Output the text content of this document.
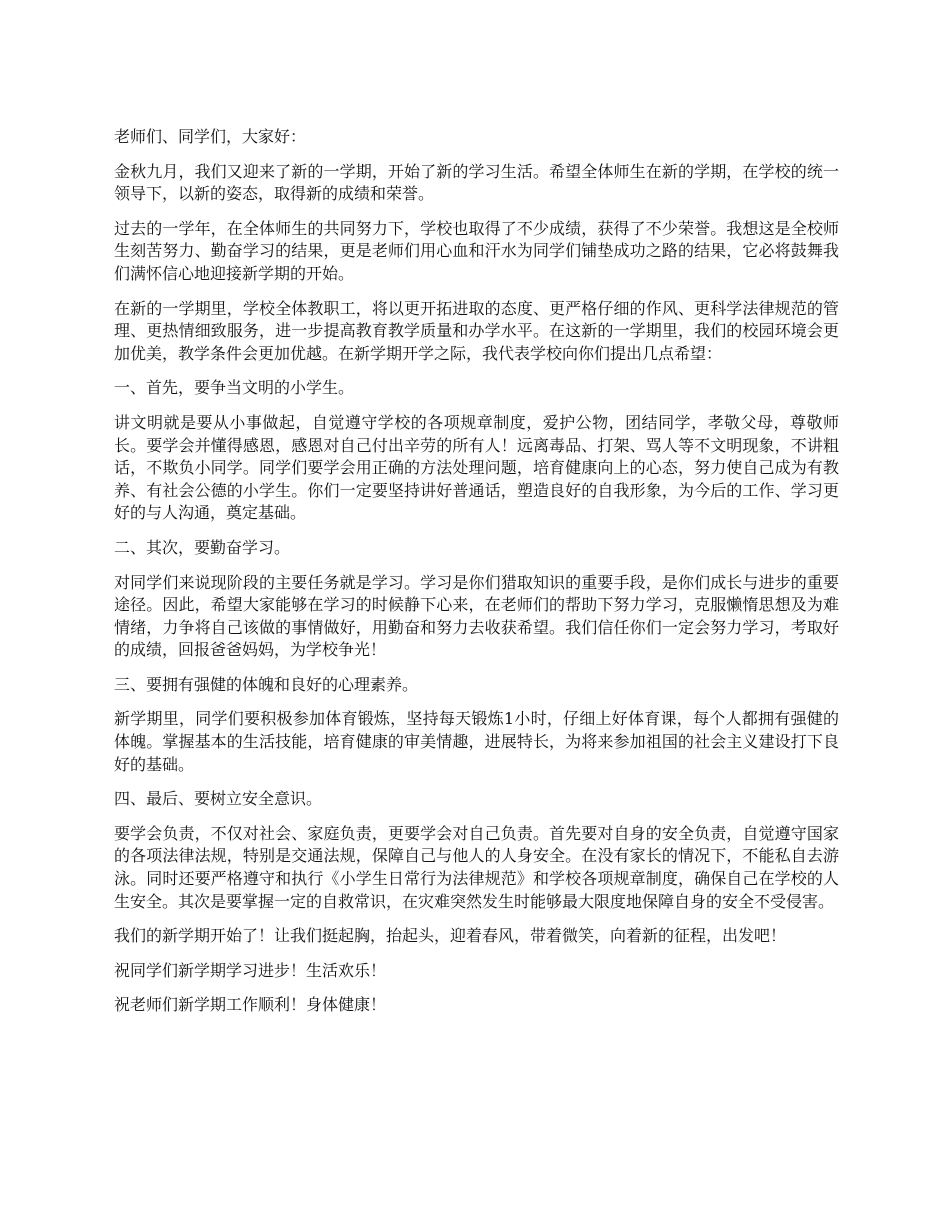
老师们、同学们，大家好：

金秋九月，我们又迎来了新的一学期，开始了新的学习生活。希望全体师生在新的学期，在学校的统一领导下，以新的姿态，取得新的成绩和荣誉。

过去的一学年，在全体师生的共同努力下，学校也取得了不少成绩，获得了不少荣誉。我想这是全校师生刻苦努力、勤奋学习的结果，更是老师们用心血和汗水为同学们铺垫成功之路的结果，它必将鼓舞我们满怀信心地迎接新学期的开始。

在新的一学期里，学校全体教职工，将以更开拓进取的态度、更严格仔细的作风、更科学法律规范的管理、更热情细致服务，进一步提高教育教学质量和办学水平。在这新的一学期里，我们的校园环境会更加优美，教学条件会更加优越。在新学期开学之际，我代表学校向你们提出几点希望：

一、首先，要争当文明的小学生。

讲文明就是要从小事做起，自觉遵守学校的各项规章制度，爱护公物，团结同学，孝敬父母，尊敬师长。要学会并懂得感恩，感恩对自己付出辛劳的所有人！远离毒品、打架、骂人等不文明现象，不讲粗话，不欺负小同学。同学们要学会用正确的方法处理问题，培育健康向上的心态，努力使自己成为有教养、有社会公德的小学生。你们一定要坚持讲好普通话，塑造良好的自我形象，为今后的工作、学习更好的与人沟通，奠定基础。

二、其次，要勤奋学习。

对同学们来说现阶段的主要任务就是学习。学习是你们猎取知识的重要手段，是你们成长与进步的重要途径。因此，希望大家能够在学习的时候静下心来，在老师们的帮助下努力学习，克服懒惰思想及为难情绪，力争将自己该做的事情做好，用勤奋和努力去收获希望。我们信任你们一定会努力学习，考取好的成绩，回报爸爸妈妈，为学校争光！

三、要拥有强健的体魄和良好的心理素养。

新学期里，同学们要积极参加体育锻炼，坚持每天锻炼1小时，仔细上好体育课，每个人都拥有强健的体魄。掌握基本的生活技能，培育健康的审美情趣，进展特长，为将来参加祖国的社会主义建设打下良好的基础。

四、最后、要树立安全意识。

要学会负责，不仅对社会、家庭负责，更要学会对自己负责。首先要对自身的安全负责，自觉遵守国家的各项法律法规，特别是交通法规，保障自己与他人的人身安全。在没有家长的情况下，不能私自去游泳。同时还要严格遵守和执行《小学生日常行为法律规范》和学校各项规章制度，确保自己在学校的人生安全。其次是要掌握一定的自救常识，在灾难突然发生时能够最大限度地保障自身的安全不受侵害。

我们的新学期开始了！让我们挺起胸，抬起头，迎着春风，带着微笑，向着新的征程，出发吧！

祝同学们新学期学习进步！生活欢乐！

祝老师们新学期工作顺利！身体健康！
